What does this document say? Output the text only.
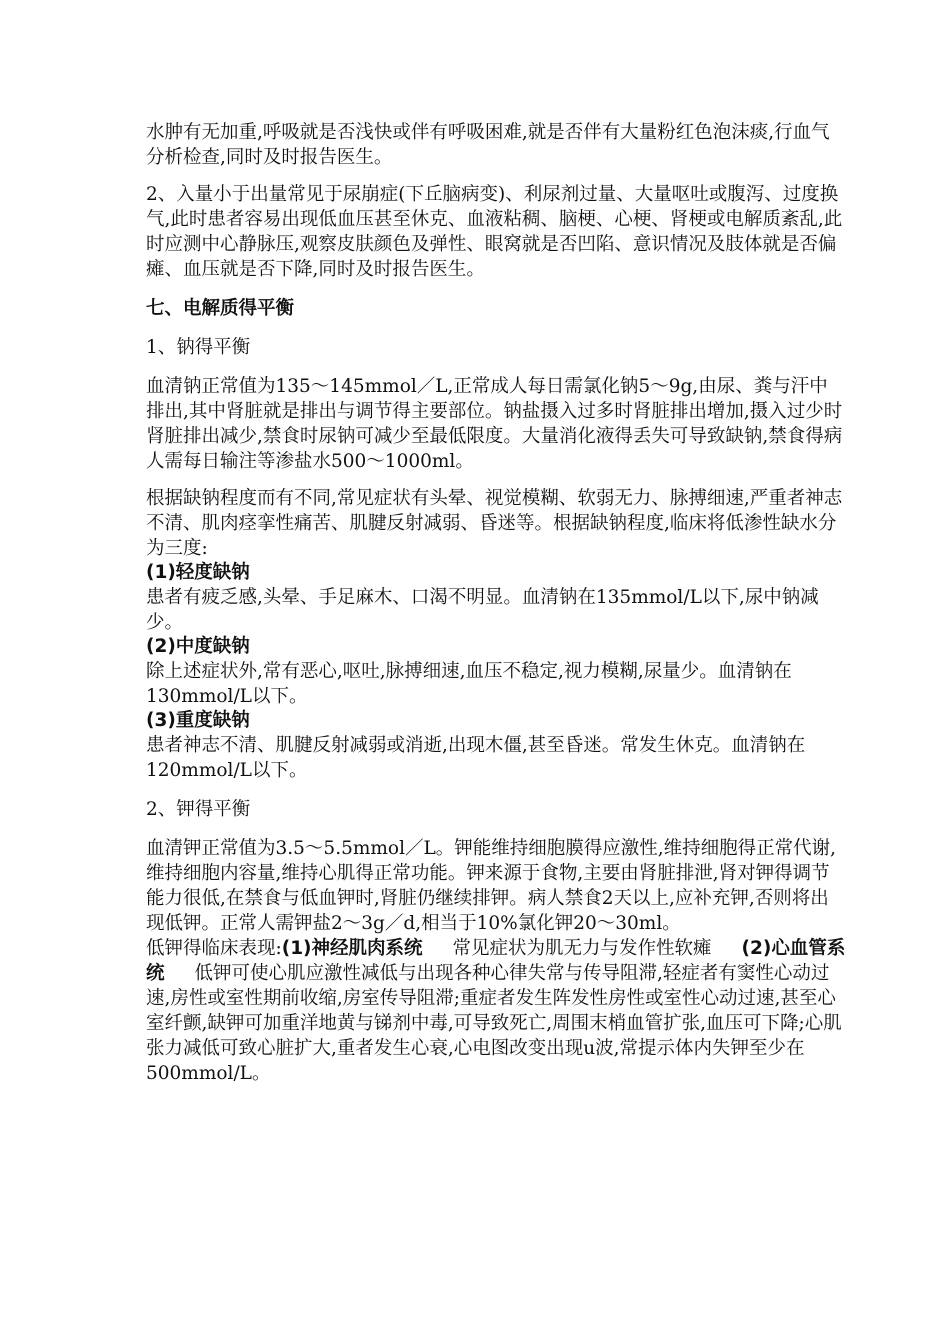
水肿有无加重,呼吸就是否浅快或伴有呼吸困难,就是否伴有大量粉红色泡沫痰,行血气分析检查,同时及时报告医生。

2、入量小于出量常见于尿崩症(下丘脑病变)、利尿剂过量、大量呕吐或腹泻、过度换气,此时患者容易出现低血压甚至休克、血液粘稠、脑梗、心梗、肾梗或电解质紊乱,此时应测中心静脉压,观察皮肤颜色及弹性、眼窝就是否凹陷、意识情况及肢体就是否偏瘫、血压就是否下降,同时及时报告医生。

七、电解质得平衡

1、钠得平衡

血清钠正常值为135～145mmol／L,正常成人每日需氯化钠5～9g,由尿、粪与汗中排出,其中肾脏就是排出与调节得主要部位。钠盐摄入过多时肾脏排出增加,摄入过少时肾脏排出减少,禁食时尿钠可减少至最低限度。大量消化液得丢失可导致缺钠,禁食得病人需每日输注等渗盐水500～1000ml。

根据缺钠程度而有不同,常见症状有头晕、视觉模糊、软弱无力、脉搏细速,严重者神志不清、肌肉痉挛性痛苦、肌腱反射减弱、昏迷等。根据缺钠程度,临床将低渗性缺水分为三度:

(1)轻度缺钠

患者有疲乏感,头晕、手足麻木、口渴不明显。血清钠在135mmol/L以下,尿中钠减少。

(2)中度缺钠

除上述症状外,常有恶心,呕吐,脉搏细速,血压不稳定,视力模糊,尿量少。血清钠在130mmol/L以下。

(3)重度缺钠

患者神志不清、肌腱反射减弱或消逝,出现木僵,甚至昏迷。常发生休克。血清钠在120mmol/L以下。

2、钾得平衡

血清钾正常值为3.5～5.5mmol／L。钾能维持细胞膜得应激性,维持细胞得正常代谢,维持细胞内容量,维持心肌得正常功能。钾来源于食物,主要由肾脏排泄,肾对钾得调节能力很低,在禁食与低血钾时,肾脏仍继续排钾。病人禁食2天以上,应补充钾,否则将出现低钾。正常人需钾盐2～3g／d,相当于10%氯化钾20～30ml。

低钾得临床表现:(1)神经肌肉系统 常见症状为肌无力与发作性软瘫 (2)心血管系统 低钾可使心肌应激性减低与出现各种心律失常与传导阻滞,轻症者有窦性心动过速,房性或室性期前收缩,房室传导阻滞;重症者发生阵发性房性或室性心动过速,甚至心室纤颤,缺钾可加重洋地黄与锑剂中毒,可导致死亡,周围末梢血管扩张,血压可下降;心肌张力减低可致心脏扩大,重者发生心衰,心电图改变出现u波,常提示体内失钾至少在500mmol/L。
